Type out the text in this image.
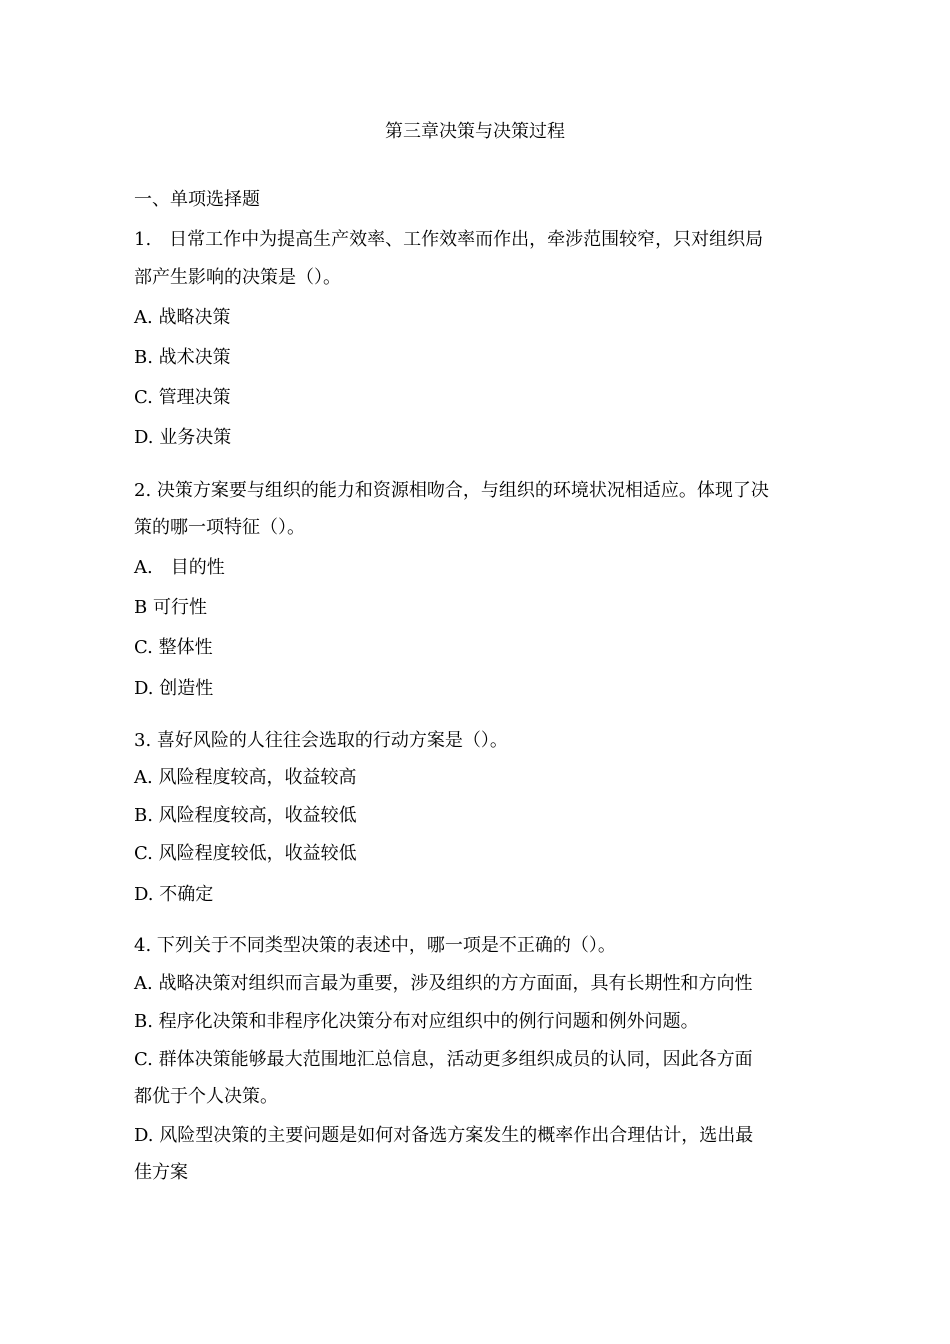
第三章决策与决策过程
一、单项选择题
1.　日常工作中为提高生产效率、工作效率而作出，牵涉范围较窄，只对组织局
部产生影响的决策是（）。
A. 战略决策
B. 战术决策
C. 管理决策
D. 业务决策
2. 决策方案要与组织的能力和资源相吻合，与组织的环境状况相适应。体现了决
策的哪一项特征（）。
A.　目的性
B 可行性
C. 整体性
D. 创造性
3. 喜好风险的人往往会选取的行动方案是（）。
A. 风险程度较高，收益较高
B. 风险程度较高，收益较低
C. 风险程度较低，收益较低
D. 不确定
4. 下列关于不同类型决策的表述中，哪一项是不正确的（）。
A. 战略决策对组织而言最为重要，涉及组织的方方面面，具有长期性和方向性
B. 程序化决策和非程序化决策分布对应组织中的例行问题和例外问题。
C. 群体决策能够最大范围地汇总信息，活动更多组织成员的认同，因此各方面
都优于个人决策。
D. 风险型决策的主要问题是如何对备选方案发生的概率作出合理估计，选出最
佳方案
